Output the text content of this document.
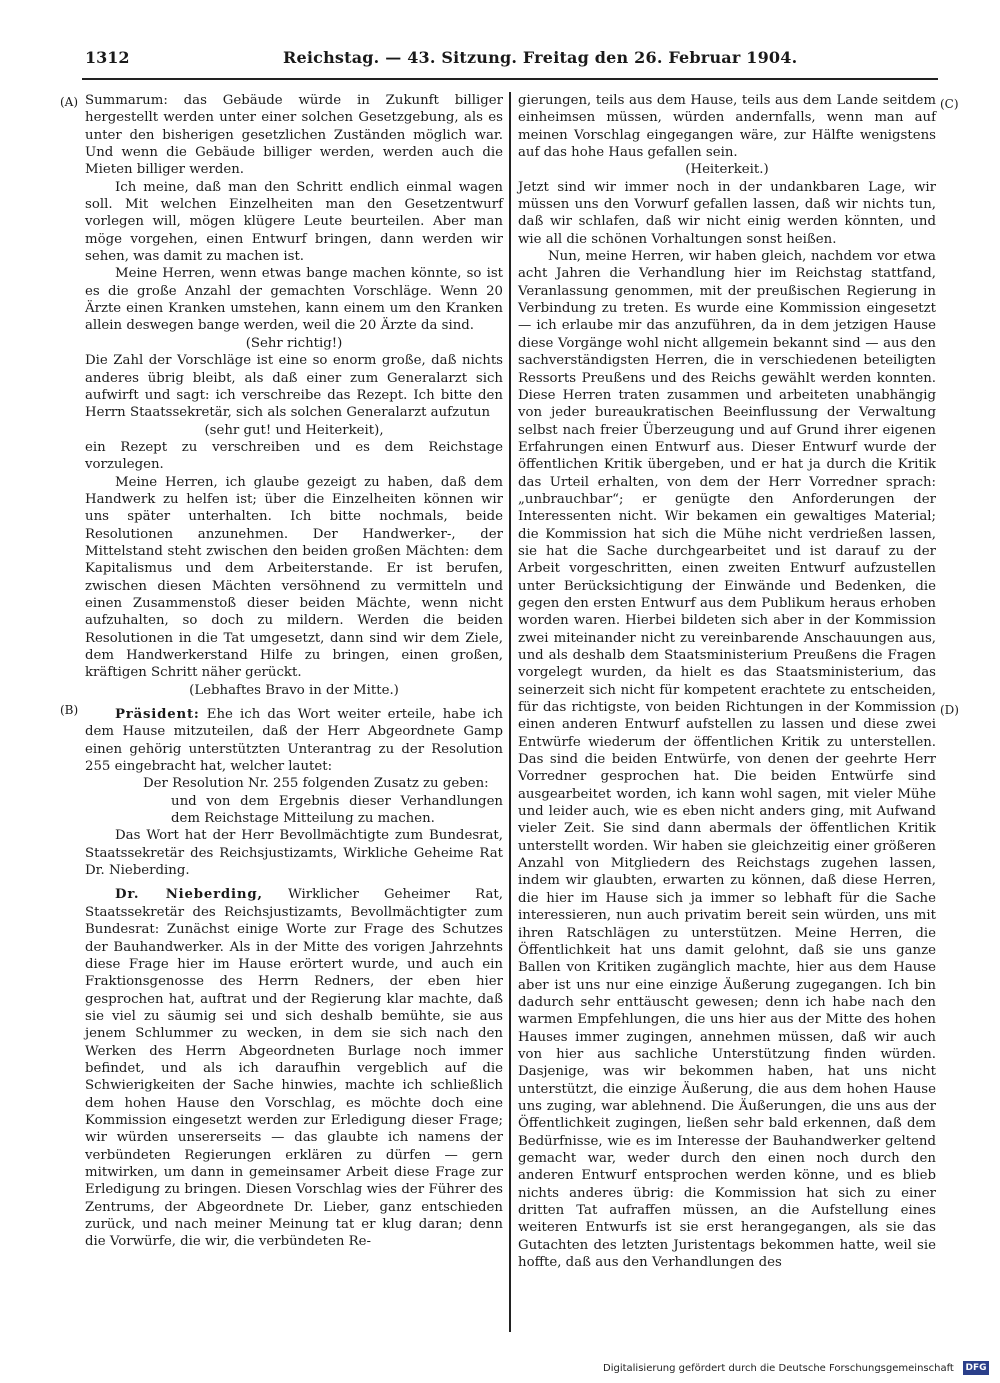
1312	Reichstag. — 43. Sitzung. Freitag den 26. Februar 1904.
(A)
(B)
(C)
(D)

Summarum: das Gebäude würde in Zukunft billiger hergestellt werden unter einer solchen Gesetzgebung, als es unter den bisherigen gesetzlichen Zuständen möglich war. Und wenn die Gebäude billiger werden, werden auch die Mieten billiger werden.

Ich meine, daß man den Schritt endlich einmal wagen soll. Mit welchen Einzelheiten man den Gesetzentwurf vorlegen will, mögen klügere Leute beurteilen. Aber man möge vorgehen, einen Entwurf bringen, dann werden wir sehen, was damit zu machen ist.

Meine Herren, wenn etwas bange machen könnte, so ist es die große Anzahl der gemachten Vorschläge. Wenn 20 Ärzte einen Kranken umstehen, kann einem um den Kranken allein deswegen bange werden, weil die 20 Ärzte da sind.

(Sehr richtig!)

Die Zahl der Vorschläge ist eine so enorm große, daß nichts anderes übrig bleibt, als daß einer zum Generalarzt sich aufwirft und sagt: ich verschreibe das Rezept. Ich bitte den Herrn Staatssekretär, sich als solchen Generalarzt aufzutun

(sehr gut! und Heiterkeit),

ein Rezept zu verschreiben und es dem Reichstage vorzulegen.

Meine Herren, ich glaube gezeigt zu haben, daß dem Handwerk zu helfen ist; über die Einzelheiten können wir uns später unterhalten. Ich bitte nochmals, beide Resolutionen anzunehmen. Der Handwerker-, der Mittelstand steht zwischen den beiden großen Mächten: dem Kapitalismus und dem Arbeiterstande. Er ist berufen, zwischen diesen Mächten versöhnend zu vermitteln und einen Zusammenstoß dieser beiden Mächte, wenn nicht aufzuhalten, so doch zu mildern. Werden die beiden Resolutionen in die Tat umgesetzt, dann sind wir dem Ziele, dem Handwerkerstand Hilfe zu bringen, einen großen, kräftigen Schritt näher gerückt.

(Lebhaftes Bravo in der Mitte.)

Präsident: Ehe ich das Wort weiter erteile, habe ich dem Hause mitzuteilen, daß der Herr Abgeordnete Gamp einen gehörig unterstützten Unterantrag zu der Resolution 255 eingebracht hat, welcher lautet:

Der Resolution Nr. 255 folgenden Zusatz zu geben:

und von dem Ergebnis dieser Verhandlungen dem Reichstage Mitteilung zu machen.

Das Wort hat der Herr Bevollmächtigte zum Bundesrat, Staatssekretär des Reichsjustizamts, Wirkliche Geheime Rat Dr. Nieberding.

Dr. Nieberding, Wirklicher Geheimer Rat, Staatssekretär des Reichsjustizamts, Bevollmächtigter zum Bundesrat: Zunächst einige Worte zur Frage des Schutzes der Bauhandwerker. Als in der Mitte des vorigen Jahrzehnts diese Frage hier im Hause erörtert wurde, und auch ein Fraktionsgenosse des Herrn Redners, der eben hier gesprochen hat, auftrat und der Regierung klar machte, daß sie viel zu säumig sei und sich deshalb bemühte, sie aus jenem Schlummer zu wecken, in dem sie sich nach den Werken des Herrn Abgeordneten Burlage noch immer befindet, und als ich daraufhin vergeblich auf die Schwierigkeiten der Sache hinwies, machte ich schließlich dem hohen Hause den Vorschlag, es möchte doch eine Kommission eingesetzt werden zur Erledigung dieser Frage; wir würden unsererseits — das glaubte ich namens der verbündeten Regierungen erklären zu dürfen — gern mitwirken, um dann in gemeinsamer Arbeit diese Frage zur Erledigung zu bringen. Diesen Vorschlag wies der Führer des Zentrums, der Abgeordnete Dr. Lieber, ganz entschieden zurück, und nach meiner Meinung tat er klug daran; denn die Vorwürfe, die wir, die verbündeten Re-

gierungen, teils aus dem Hause, teils aus dem Lande seitdem einheimsen müssen, würden andernfalls, wenn man auf meinen Vorschlag eingegangen wäre, zur Hälfte wenigstens auf das hohe Haus gefallen sein.

(Heiterkeit.)

Jetzt sind wir immer noch in der undankbaren Lage, wir müssen uns den Vorwurf gefallen lassen, daß wir nichts tun, daß wir schlafen, daß wir nicht einig werden könnten, und wie all die schönen Vorhaltungen sonst heißen.

Nun, meine Herren, wir haben gleich, nachdem vor etwa acht Jahren die Verhandlung hier im Reichstag stattfand, Veranlassung genommen, mit der preußischen Regierung in Verbindung zu treten. Es wurde eine Kommission eingesetzt — ich erlaube mir das anzuführen, da in dem jetzigen Hause diese Vorgänge wohl nicht allgemein bekannt sind — aus den sachverständigsten Herren, die in verschiedenen beteiligten Ressorts Preußens und des Reichs gewählt werden konnten. Diese Herren traten zusammen und arbeiteten unabhängig von jeder bureaukratischen Beeinflussung der Verwaltung selbst nach freier Überzeugung und auf Grund ihrer eigenen Erfahrungen einen Entwurf aus. Dieser Entwurf wurde der öffentlichen Kritik übergeben, und er hat ja durch die Kritik das Urteil erhalten, von dem der Herr Vorredner sprach: „unbrauchbar“; er genügte den Anforderungen der Interessenten nicht. Wir bekamen ein gewaltiges Material; die Kommission hat sich die Mühe nicht verdrießen lassen, sie hat die Sache durchgearbeitet und ist darauf zu der Arbeit vorgeschritten, einen zweiten Entwurf aufzustellen unter Berücksichtigung der Einwände und Bedenken, die gegen den ersten Entwurf aus dem Publikum heraus erhoben worden waren. Hierbei bildeten sich aber in der Kommission zwei miteinander nicht zu vereinbarende Anschauungen aus, und als deshalb dem Staatsministerium Preußens die Fragen vorgelegt wurden, da hielt es das Staatsministerium, das seinerzeit sich nicht für kompetent erachtete zu entscheiden, für das richtigste, von beiden Richtungen in der Kommission einen anderen Entwurf aufstellen zu lassen und diese zwei Entwürfe wiederum der öffentlichen Kritik zu unterstellen. Das sind die beiden Entwürfe, von denen der geehrte Herr Vorredner gesprochen hat. Die beiden Entwürfe sind ausgearbeitet worden, ich kann wohl sagen, mit vieler Mühe und leider auch, wie es eben nicht anders ging, mit Aufwand vieler Zeit. Sie sind dann abermals der öffentlichen Kritik unterstellt worden. Wir haben sie gleichzeitig einer größeren Anzahl von Mitgliedern des Reichstags zugehen lassen, indem wir glaubten, erwarten zu können, daß diese Herren, die hier im Hause sich ja immer so lebhaft für die Sache interessieren, nun auch privatim bereit sein würden, uns mit ihren Ratschlägen zu unterstützen. Meine Herren, die Öffentlichkeit hat uns damit gelohnt, daß sie uns ganze Ballen von Kritiken zugänglich machte, hier aus dem Hause aber ist uns nur eine einzige Äußerung zugegangen. Ich bin dadurch sehr enttäuscht gewesen; denn ich habe nach den warmen Empfehlungen, die uns hier aus der Mitte des hohen Hauses immer zugingen, annehmen müssen, daß wir auch von hier aus sachliche Unterstützung finden würden. Dasjenige, was wir bekommen haben, hat uns nicht unterstützt, die einzige Äußerung, die aus dem hohen Hause uns zuging, war ablehnend. Die Äußerungen, die uns aus der Öffentlichkeit zugingen, ließen sehr bald erkennen, daß dem Bedürfnisse, wie es im Interesse der Bauhandwerker geltend gemacht war, weder durch den einen noch durch den anderen Entwurf entsprochen werden könne, und es blieb nichts anderes übrig: die Kommission hat sich zu einer dritten Tat aufraffen müssen, an die Aufstellung eines weiteren Entwurfs ist sie erst herangegangen, als sie das Gutachten des letzten Juristentags bekommen hatte, weil sie hoffte, daß aus den Verhandlungen des

Digitalisierung gefördert durch die Deutsche Forschungsgemeinschaft DFG
